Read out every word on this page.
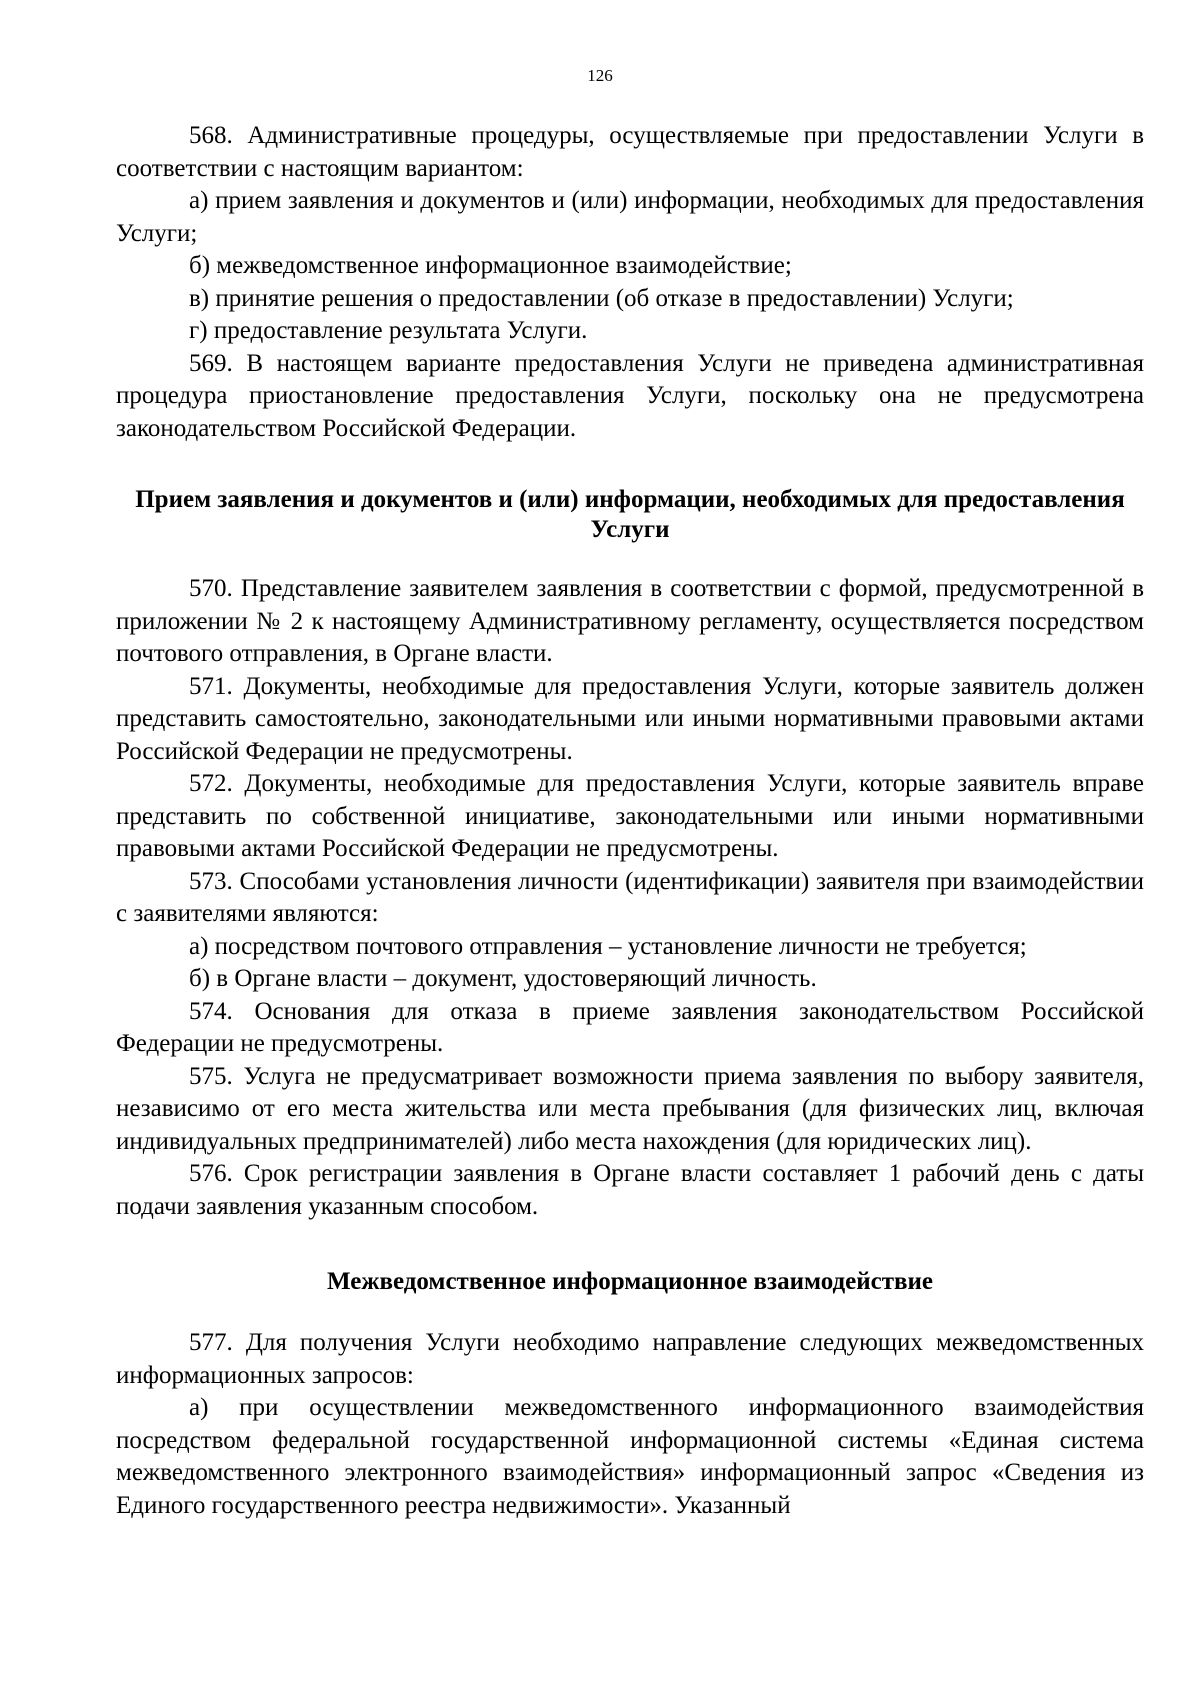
126

568. Административные процедуры, осуществляемые при предоставлении Услуги в соответствии с настоящим вариантом:

а) прием заявления и документов и (или) информации, необходимых для предоставления Услуги;

б) межведомственное информационное взаимодействие;

в) принятие решения о предоставлении (об отказе в предоставлении) Услуги;

г) предоставление результата Услуги.

569. В настоящем варианте предоставления Услуги не приведена административная процедура приостановление предоставления Услуги, поскольку она не предусмотрена законодательством Российской Федерации.

Прием заявления и документов и (или) информации, необходимых для предоставления Услуги

570. Представление заявителем заявления в соответствии с формой, предусмотренной в приложении № 2 к настоящему Административному регламенту, осуществляется посредством почтового отправления, в Органе власти.

571. Документы, необходимые для предоставления Услуги, которые заявитель должен представить самостоятельно, законодательными или иными нормативными правовыми актами Российской Федерации не предусмотрены.

572. Документы, необходимые для предоставления Услуги, которые заявитель вправе представить по собственной инициативе, законодательными или иными нормативными правовыми актами Российской Федерации не предусмотрены.

573. Способами установления личности (идентификации) заявителя при взаимодействии с заявителями являются:

а) посредством почтового отправления – установление личности не требуется;

б) в Органе власти – документ, удостоверяющий личность.

574. Основания для отказа в приеме заявления законодательством Российской Федерации не предусмотрены.

575. Услуга не предусматривает возможности приема заявления по выбору заявителя, независимо от его места жительства или места пребывания (для физических лиц, включая индивидуальных предпринимателей) либо места нахождения (для юридических лиц).

576. Срок регистрации заявления в Органе власти составляет 1 рабочий день с даты подачи заявления указанным способом.

Межведомственное информационное взаимодействие

577. Для получения Услуги необходимо направление следующих межведомственных информационных запросов:

а) при осуществлении межведомственного информационного взаимодействия посредством федеральной государственной информационной системы «Единая система межведомственного электронного взаимодействия» информационный запрос «Сведения из Единого государственного реестра недвижимости». Указанный
